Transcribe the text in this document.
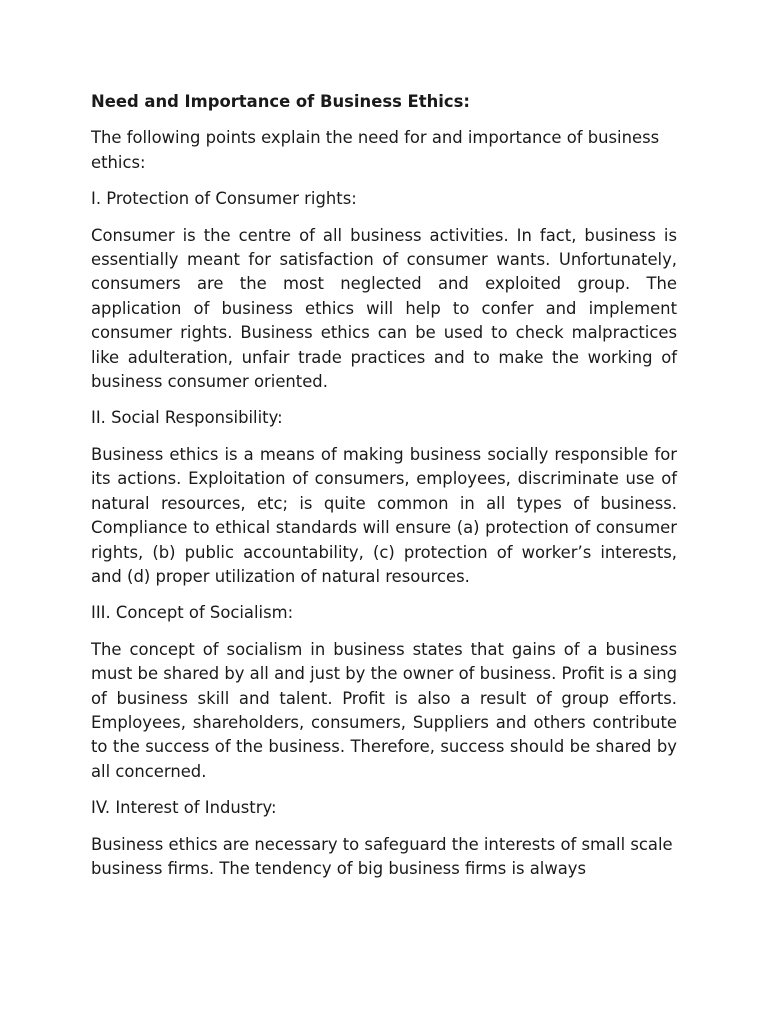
Need and Importance of Business Ethics:
The following points explain the need for and importance of business ethics:
I. Protection of Consumer rights:
Consumer is the centre of all business activities. In fact, business is essentially meant for satisfaction of consumer wants. Unfortunately, consumers are the most neglected and exploited group. The application of business ethics will help to confer and implement consumer rights. Business ethics can be used to check malpractices like adulteration, unfair trade practices and to make the working of business consumer oriented.
II. Social Responsibility:
Business ethics is a means of making business socially responsible for its actions. Exploitation of consumers, employees, discriminate use of natural resources, etc; is quite common in all types of business. Compliance to ethical standards will ensure (a) protection of consumer rights, (b) public accountability, (c) protection of worker’s interests, and (d) proper utilization of natural resources.
III. Concept of Socialism:
The concept of socialism in business states that gains of a business must be shared by all and just by the owner of business. Profit is a sing of business skill and talent. Profit is also a result of group efforts. Employees, shareholders, consumers, Suppliers and others contribute to the success of the business. Therefore, success should be shared by all concerned.
IV. Interest of Industry:
Business ethics are necessary to safeguard the interests of small scale business firms. The tendency of big business firms is always
